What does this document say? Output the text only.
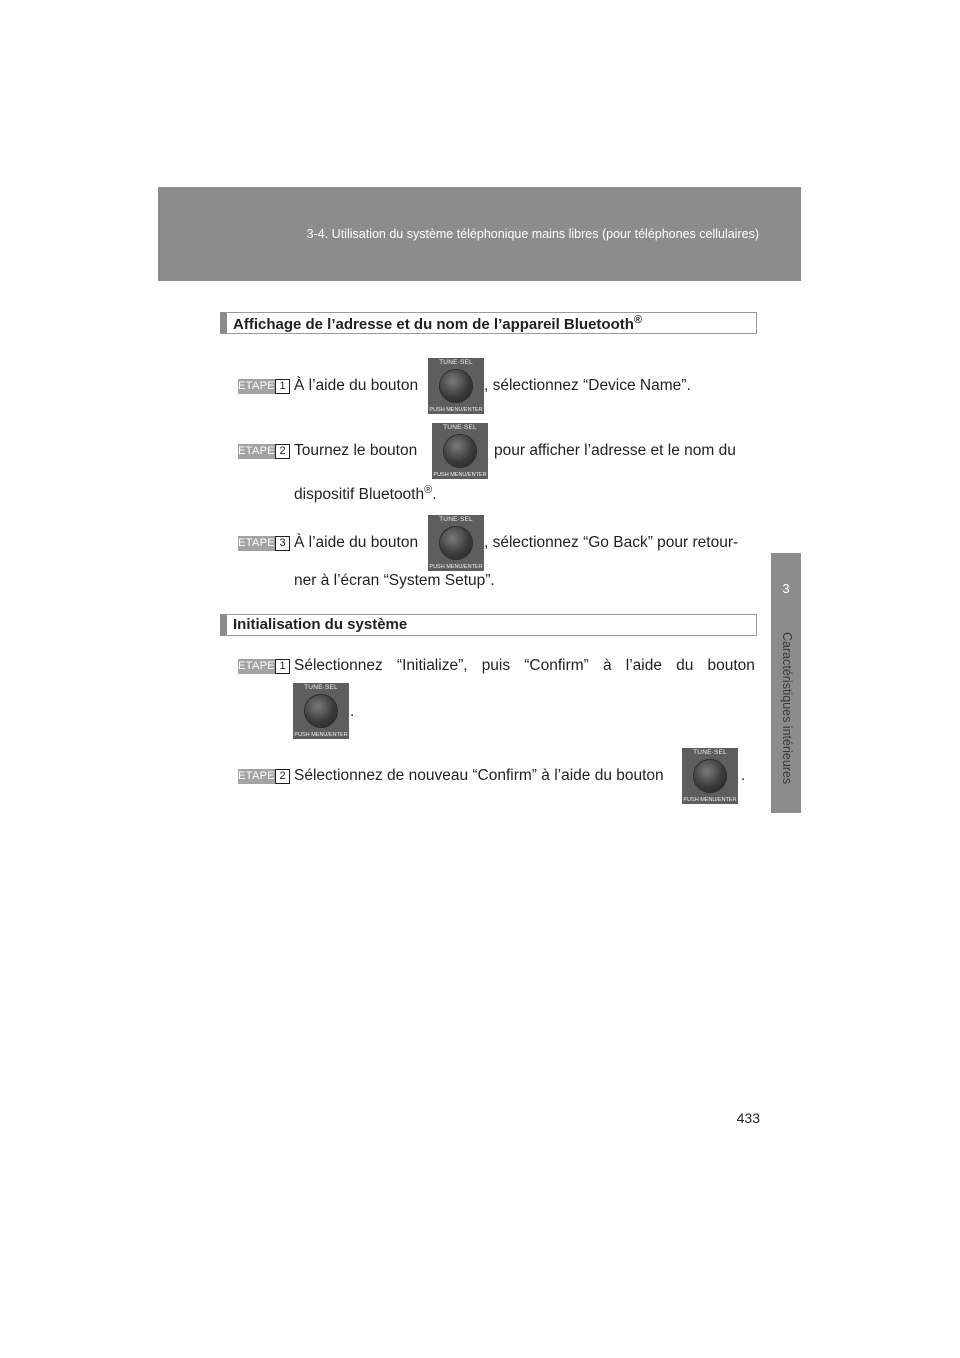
3-4. Utilisation du système téléphonique mains libres (pour téléphones cellulaires)
3
Caractéristiques intérieures
Affichage de l’adresse et du nom de l’appareil Bluetooth®
ETAPE 1 À l’aide du bouton
TUNE·SEL
PUSH MENU/ENTER
, sélectionnez “Device Name”.
ETAPE 2 Tournez le bouton
TUNE·SEL
PUSH MENU/ENTER
pour afficher l’adresse et le nom du
dispositif Bluetooth®.
ETAPE 3 À l’aide du bouton
TUNE·SEL
PUSH MENU/ENTER
, sélectionnez “Go Back” pour retour-
ner à l’écran “System Setup”.
Initialisation du système
ETAPE 1 Sélectionnez “Initialize”, puis “Confirm” à l’aide du bouton
TUNE·SEL
PUSH MENU/ENTER
.
ETAPE 2 Sélectionnez de nouveau “Confirm” à l’aide du bouton
TUNE·SEL
PUSH MENU/ENTER
.
433
